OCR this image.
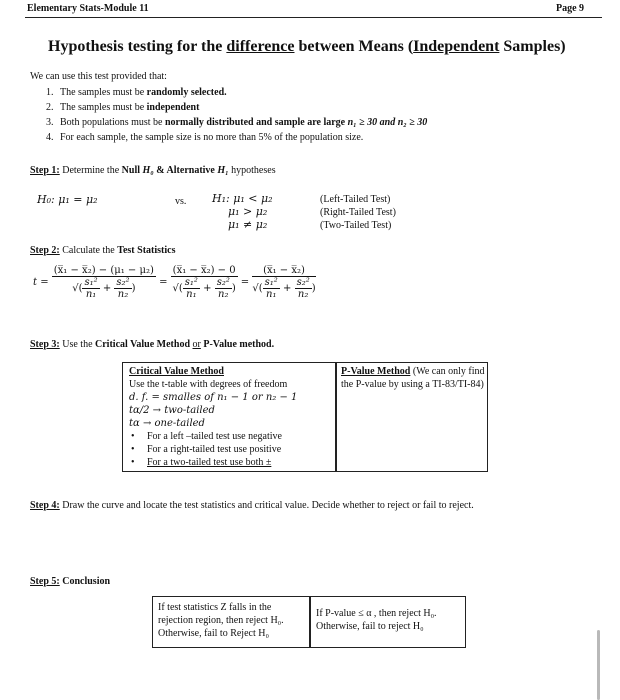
Elementary Stats-Module 11	Page 9
Hypothesis testing for the difference between Means (Independent Samples)
We can use this test provided that:
1. The samples must be randomly selected.
2. The samples must be independent
3. Both populations must be normally distributed and sample are large n₁ ≥ 30 and n₂ ≥ 30
4. For each sample, the sample size is no more than 5% of the population size.
Step 1: Determine the Null H₀ & Alternative H₁ hypotheses
H₀: μ₁ = μ₂	vs. H₁: μ₁ < μ₂
μ₁ > μ₂
μ₁ ≠ μ₂
(Left-Tailed Test)
(Right-Tailed Test)
(Two-Tailed Test)
Step 2: Calculate the Test Statistics
$t = \frac{\text{(x̅₁ − x̅₂) − (μ₁ − μ₂)}}{√( \frac{\text{s₁²}}{\text{n₁}} + \frac{\text{s₂²}}{\text{n₂}} )} = \frac{\text{(x̅₁ − x̅₂) − 0}}{√( \frac{\text{s₁²}}{\text{n₁}} + \frac{\text{s₂²}}{\text{n₂}} )} = \frac{\text{(x̅₁ − x̅₂)}}{√( \frac{\text{s₁²}}{\text{n₁}} + \frac{\text{s₂²}}{\text{n₂}} )}$
Step 3: Use the Critical Value Method or P-Value method.
Critical Value Method
Use the t-table with degrees of freedom
d. f. = smalles of n₁ − 1 or n₂ − 1
tα/2 → two-tailed
tα → one-tailed
• For a left –tailed test use negative
• For a right-tailed test use positive
• For a two-tailed test use both ±
P-Value Method (We can only find the P-value by using a TI-83/TI-84)
Step 4: Draw the curve and locate the test statistics and critical value. Decide whether to reject or fail to reject.
Step 5: Conclusion
If test statistics Z falls in the
rejection region, then reject H₀.
Otherwise, fail to Reject H₀
If P-value ≤ α , then reject H₀.
Otherwise, fail to reject H₀
